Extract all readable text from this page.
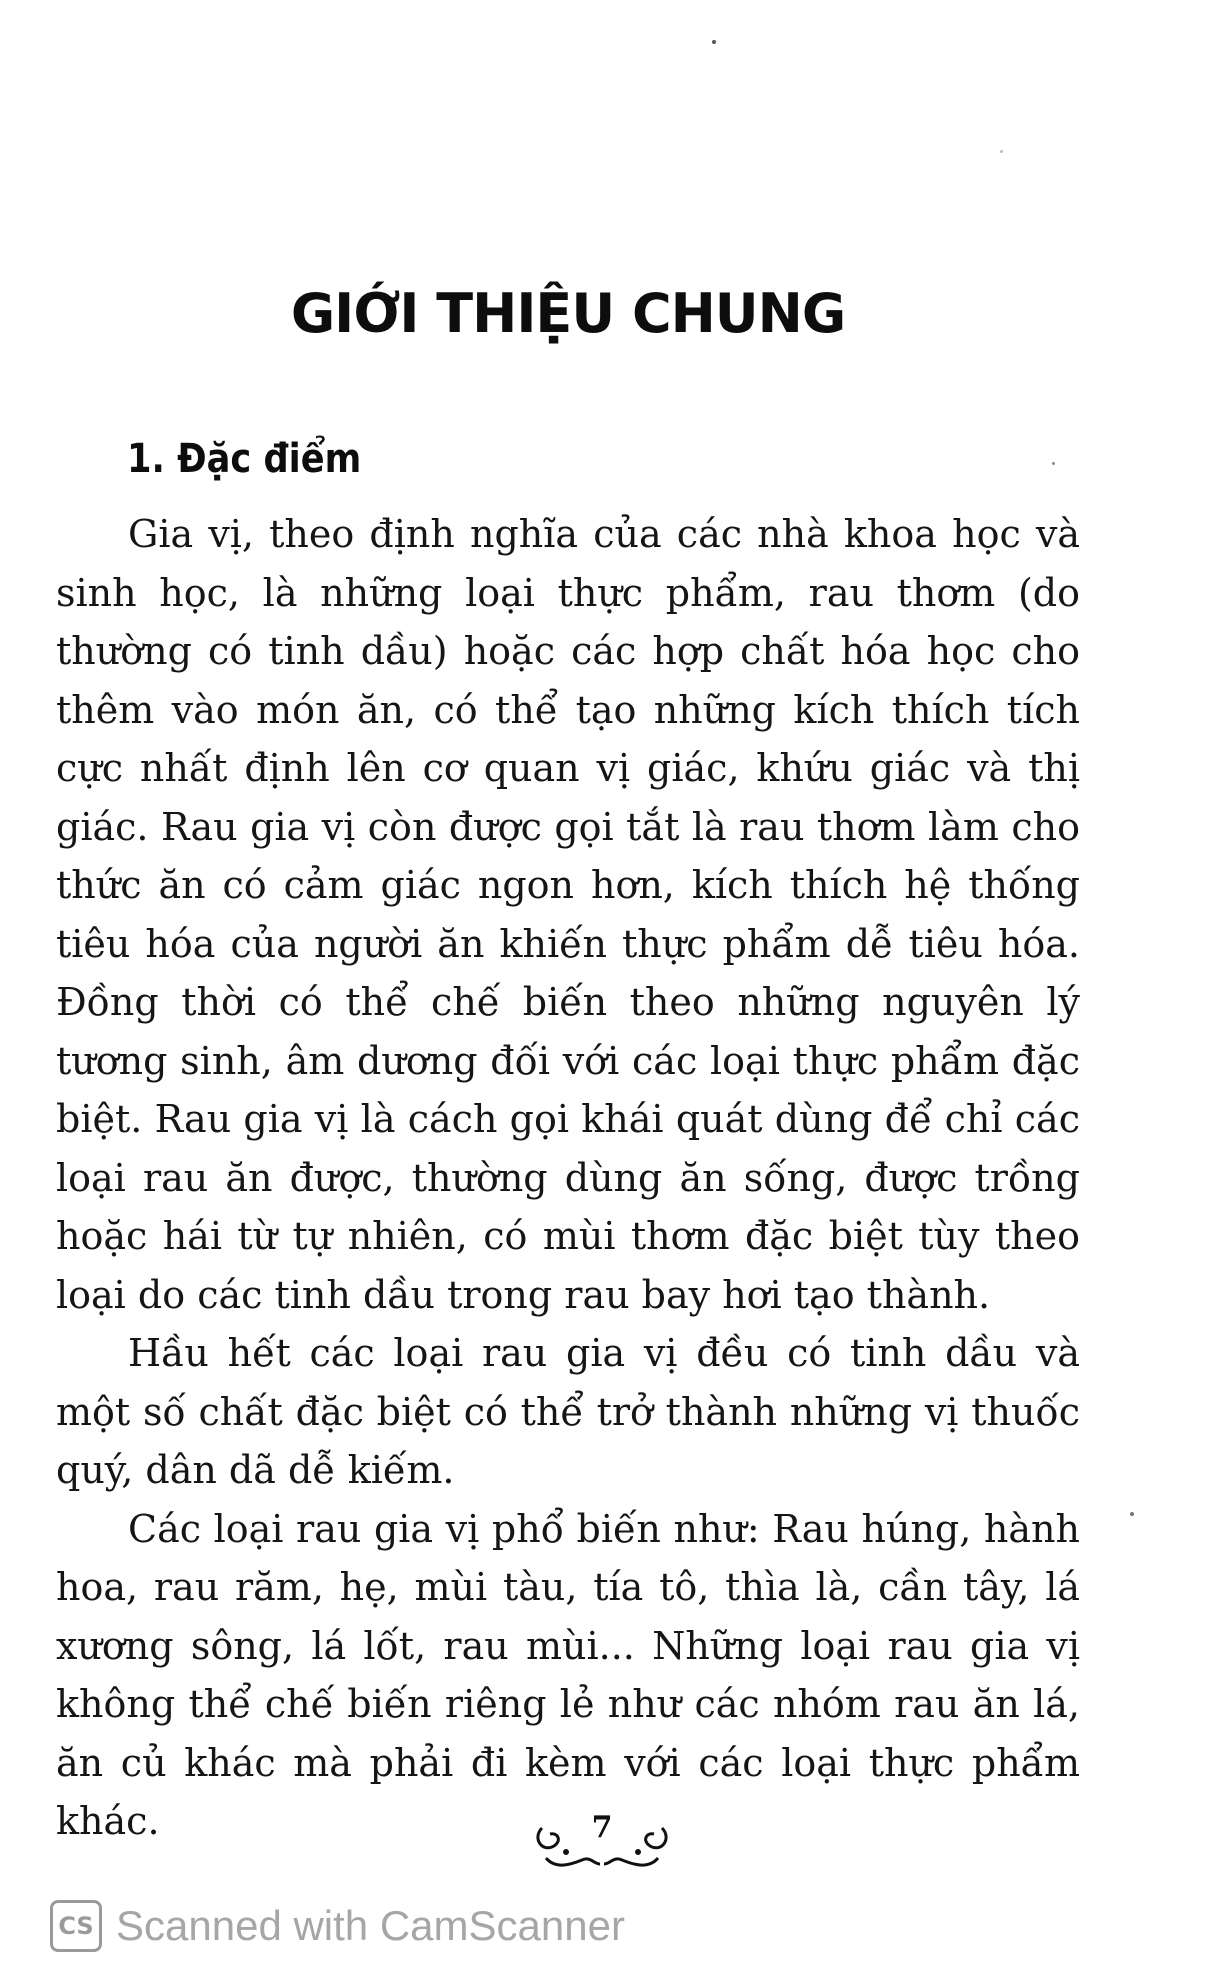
GIỚI THIỆU CHUNG
1. Đặc điểm

Gia vị, theo định nghĩa của các nhà khoa học và sinh học, là những loại thực phẩm, rau thơm (do thường có tinh dầu) hoặc các hợp chất hóa học cho thêm vào món ăn, có thể tạo những kích thích tích cực nhất định lên cơ quan vị giác, khứu giác và thị giác. Rau gia vị còn được gọi tắt là rau thơm làm cho thức ăn có cảm giác ngon hơn, kích thích hệ thống tiêu hóa của người ăn khiến thực phẩm dễ tiêu hóa. Đồng thời có thể chế biến theo những nguyên lý tương sinh, âm dương đối với các loại thực phẩm đặc biệt. Rau gia vị là cách gọi khái quát dùng để chỉ các loại rau ăn được, thường dùng ăn sống, được trồng hoặc hái từ tự nhiên, có mùi thơm đặc biệt tùy theo loại do các tinh dầu trong rau bay hơi tạo thành.

Hầu hết các loại rau gia vị đều có tinh dầu và một số chất đặc biệt có thể trở thành những vị thuốc quý, dân dã dễ kiếm.

Các loại rau gia vị phổ biến như: Rau húng, hành hoa, rau răm, hẹ, mùi tàu, tía tô, thìa là, cần tây, lá xương sông, lá lốt, rau mùi... Những loại rau gia vị không thể chế biến riêng lẻ như các nhóm rau ăn lá, ăn củ khác mà phải đi kèm với các loại thực phẩm khác.	7
CS Scanned with CamScanner
